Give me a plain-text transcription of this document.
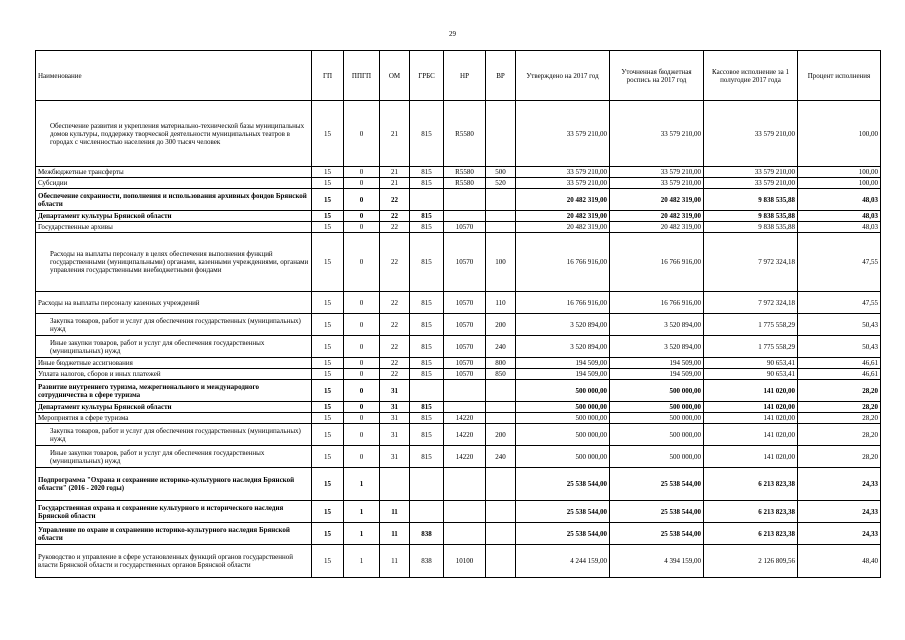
29
Наименование	ГП	ППГП	ОМ	ГРБС	НР	ВР	Утверждено на 2017 год	Уточненная бюджетная роспись на 2017 год	Кассовое исполнение за 1 полугодие 2017 года	Процент исполнения
Обеспечение развития и укрепления материально-технической базы муниципальных домов культуры, поддержку творческой деятельности муниципальных театров в городах с численностью населения до 300 тысяч человек	15	0	21	815	R5580		33 579 210,00	33 579 210,00	33 579 210,00	100,00
Межбюджетные трансферты	15	0	21	815	R5580	500	33 579 210,00	33 579 210,00	33 579 210,00	100,00
Субсидии	15	0	21	815	R5580	520	33 579 210,00	33 579 210,00	33 579 210,00	100,00
Обеспечение сохранности, пополнения и использования архивных фондов Брянской области	15	0	22				20 482 319,00	20 482 319,00	9 838 535,88	48,03
Департамент культуры Брянской области	15	0	22	815			20 482 319,00	20 482 319,00	9 838 535,88	48,03
Государственные архивы	15	0	22	815	10570		20 482 319,00	20 482 319,00	9 838 535,88	48,03
Расходы на выплаты персоналу в целях обеспечения выполнения функций государственными (муниципальными) органами, казенными учреждениями, органами управления государственными внебюджетными фондами	15	0	22	815	10570	100	16 766 916,00	16 766 916,00	7 972 324,18	47,55
Расходы на выплаты персоналу казенных учреждений	15	0	22	815	10570	110	16 766 916,00	16 766 916,00	7 972 324,18	47,55
Закупка товаров, работ и услуг для обеспечения государственных (муниципальных) нужд	15	0	22	815	10570	200	3 520 894,00	3 520 894,00	1 775 558,29	50,43
Иные закупки товаров, работ и услуг для обеспечения государственных (муниципальных) нужд	15	0	22	815	10570	240	3 520 894,00	3 520 894,00	1 775 558,29	50,43
Иные бюджетные ассигнования	15	0	22	815	10570	800	194 509,00	194 509,00	90 653,41	46,61
Уплата налогов, сборов и иных платежей	15	0	22	815	10570	850	194 509,00	194 509,00	90 653,41	46,61
Развитие внутреннего туризма, межрегионального и международного сотрудничества в сфере туризма	15	0	31				500 000,00	500 000,00	141 020,00	28,20
Департамент культуры Брянской области	15	0	31	815			500 000,00	500 000,00	141 020,00	28,20
Мероприятия в сфере туризма	15	0	31	815	14220		500 000,00	500 000,00	141 020,00	28,20
Закупка товаров, работ и услуг для обеспечения государственных (муниципальных) нужд	15	0	31	815	14220	200	500 000,00	500 000,00	141 020,00	28,20
Иные закупки товаров, работ и услуг для обеспечения государственных (муниципальных) нужд	15	0	31	815	14220	240	500 000,00	500 000,00	141 020,00	28,20
Подпрограмма "Охрана и сохранение историко-культурного наследия Брянской области" (2016 - 2020 годы)	15	1					25 538 544,00	25 538 544,00	6 213 823,38	24,33
Государственная охрана и сохранение культурного и исторического наследия Брянской области	15	1	11				25 538 544,00	25 538 544,00	6 213 823,38	24,33
Управление по охране и сохранению историко-культурного наследия Брянской области	15	1	11	838			25 538 544,00	25 538 544,00	6 213 823,38	24,33
Руководство и управление в сфере установленных функций органов государственной власти Брянской области и государственных органов Брянской области	15	1	11	838	10100		4 244 159,00	4 394 159,00	2 126 809,56	48,40
